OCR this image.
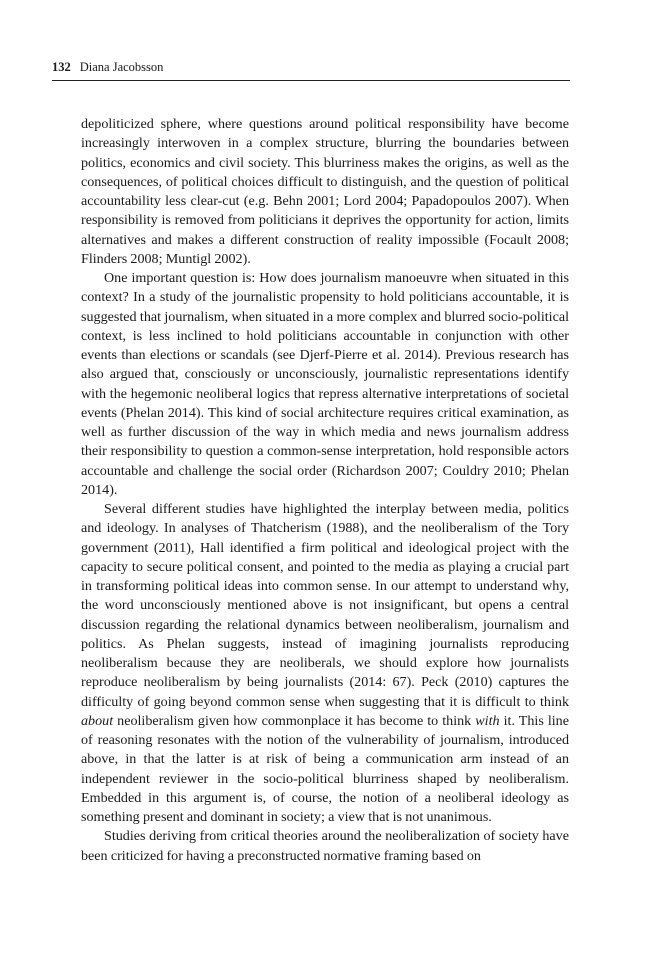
132 Diana Jacobsson

depoliticized sphere, where questions around political responsibility have become increasingly interwoven in a complex structure, blurring the boundaries between politics, economics and civil society. This blurriness makes the origins, as well as the consequences, of political choices difficult to distinguish, and the question of political accountability less clear-cut (e.g. Behn 2001; Lord 2004; Papadopoulos 2007). When responsibility is removed from politicians it deprives the opportunity for action, limits alternatives and makes a different construction of reality impossible (Focault 2008; Flinders 2008; Muntigl 2002).

One important question is: How does journalism manoeuvre when situated in this context? In a study of the journalistic propensity to hold politicians accountable, it is suggested that journalism, when situated in a more complex and blurred socio-political context, is less inclined to hold politicians accountable in conjunction with other events than elections or scandals (see Djerf-Pierre et al. 2014). Previous research has also argued that, consciously or unconsciously, journalistic representations identify with the hegemonic neoliberal logics that repress alternative interpretations of societal events (Phelan 2014). This kind of social architecture requires critical examination, as well as further discussion of the way in which media and news journalism address their responsibility to question a common-sense interpretation, hold responsible actors accountable and challenge the social order (Richardson 2007; Couldry 2010; Phelan 2014).

Several different studies have highlighted the interplay between media, politics and ideology. In analyses of Thatcherism (1988), and the neoliberalism of the Tory government (2011), Hall identified a firm political and ideological project with the capacity to secure political consent, and pointed to the media as playing a crucial part in transforming political ideas into common sense. In our attempt to understand why, the word unconsciously mentioned above is not insignificant, but opens a central discussion regarding the relational dynamics between neoliberalism, journalism and politics. As Phelan suggests, instead of imagining journalists reproducing neoliberalism because they are neoliberals, we should explore how journalists reproduce neoliberalism by being journalists (2014: 67). Peck (2010) captures the difficulty of going beyond common sense when suggesting that it is difficult to think about neoliberalism given how commonplace it has become to think with it. This line of reasoning resonates with the notion of the vulnerability of journalism, introduced above, in that the latter is at risk of being a communication arm instead of an independent reviewer in the socio-political blurriness shaped by neoliberalism. Embedded in this argument is, of course, the notion of a neoliberal ideology as something present and dominant in society; a view that is not unanimous.

Studies deriving from critical theories around the neoliberalization of society have been criticized for having a preconstructed normative framing based on
